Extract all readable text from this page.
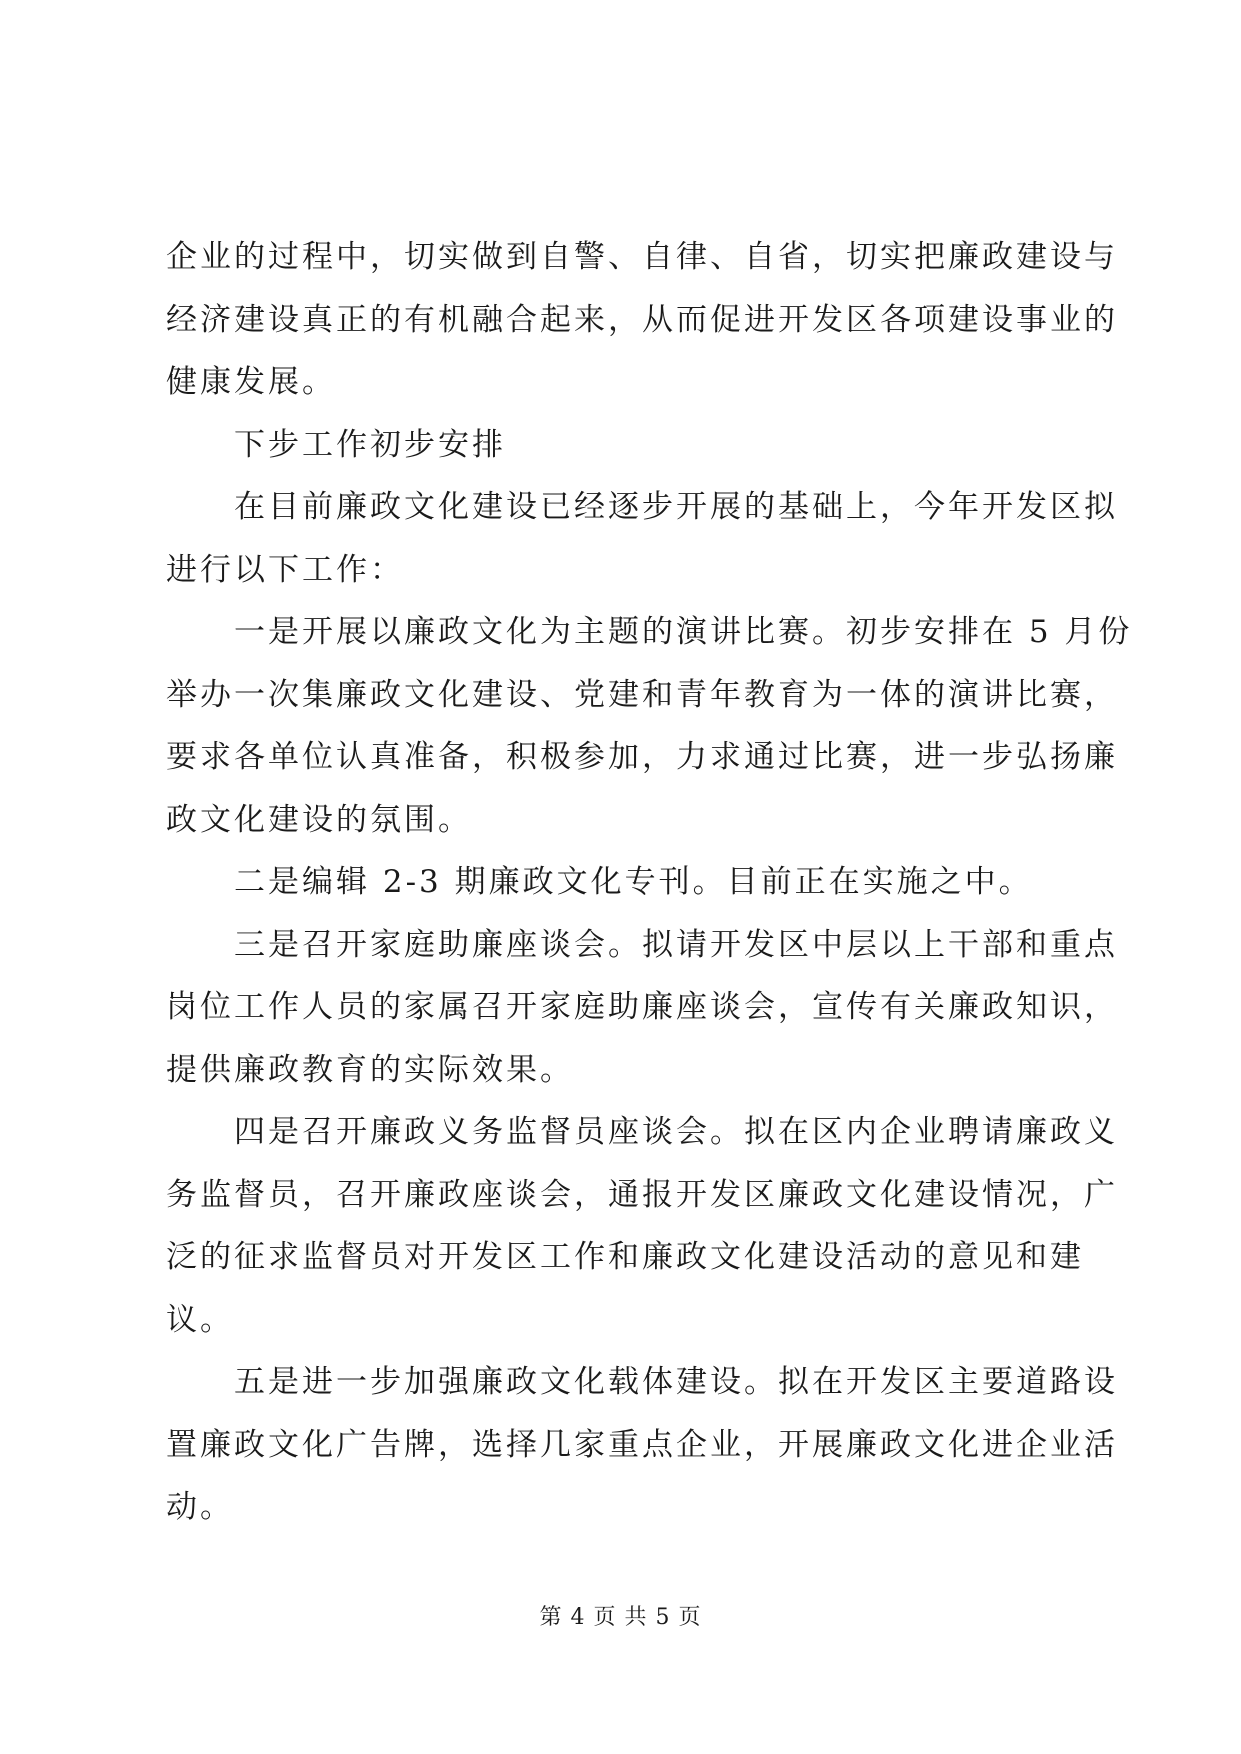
企业的过程中，切实做到自警、自律、自省，切实把廉政建设与
经济建设真正的有机融合起来，从而促进开发区各项建设事业的
健康发展。
下步工作初步安排
在目前廉政文化建设已经逐步开展的基础上，今年开发区拟
进行以下工作：
一是开展以廉政文化为主题的演讲比赛。初步安排在 5 月份
举办一次集廉政文化建设、党建和青年教育为一体的演讲比赛，
要求各单位认真准备，积极参加，力求通过比赛，进一步弘扬廉
政文化建设的氛围。
二是编辑 2-3 期廉政文化专刊。目前正在实施之中。
三是召开家庭助廉座谈会。拟请开发区中层以上干部和重点
岗位工作人员的家属召开家庭助廉座谈会，宣传有关廉政知识，
提供廉政教育的实际效果。
四是召开廉政义务监督员座谈会。拟在区内企业聘请廉政义
务监督员，召开廉政座谈会，通报开发区廉政文化建设情况，广
泛的征求监督员对开发区工作和廉政文化建设活动的意见和建
议。
五是进一步加强廉政文化载体建设。拟在开发区主要道路设
置廉政文化广告牌，选择几家重点企业，开展廉政文化进企业活
动。
第 4 页 共 5 页
